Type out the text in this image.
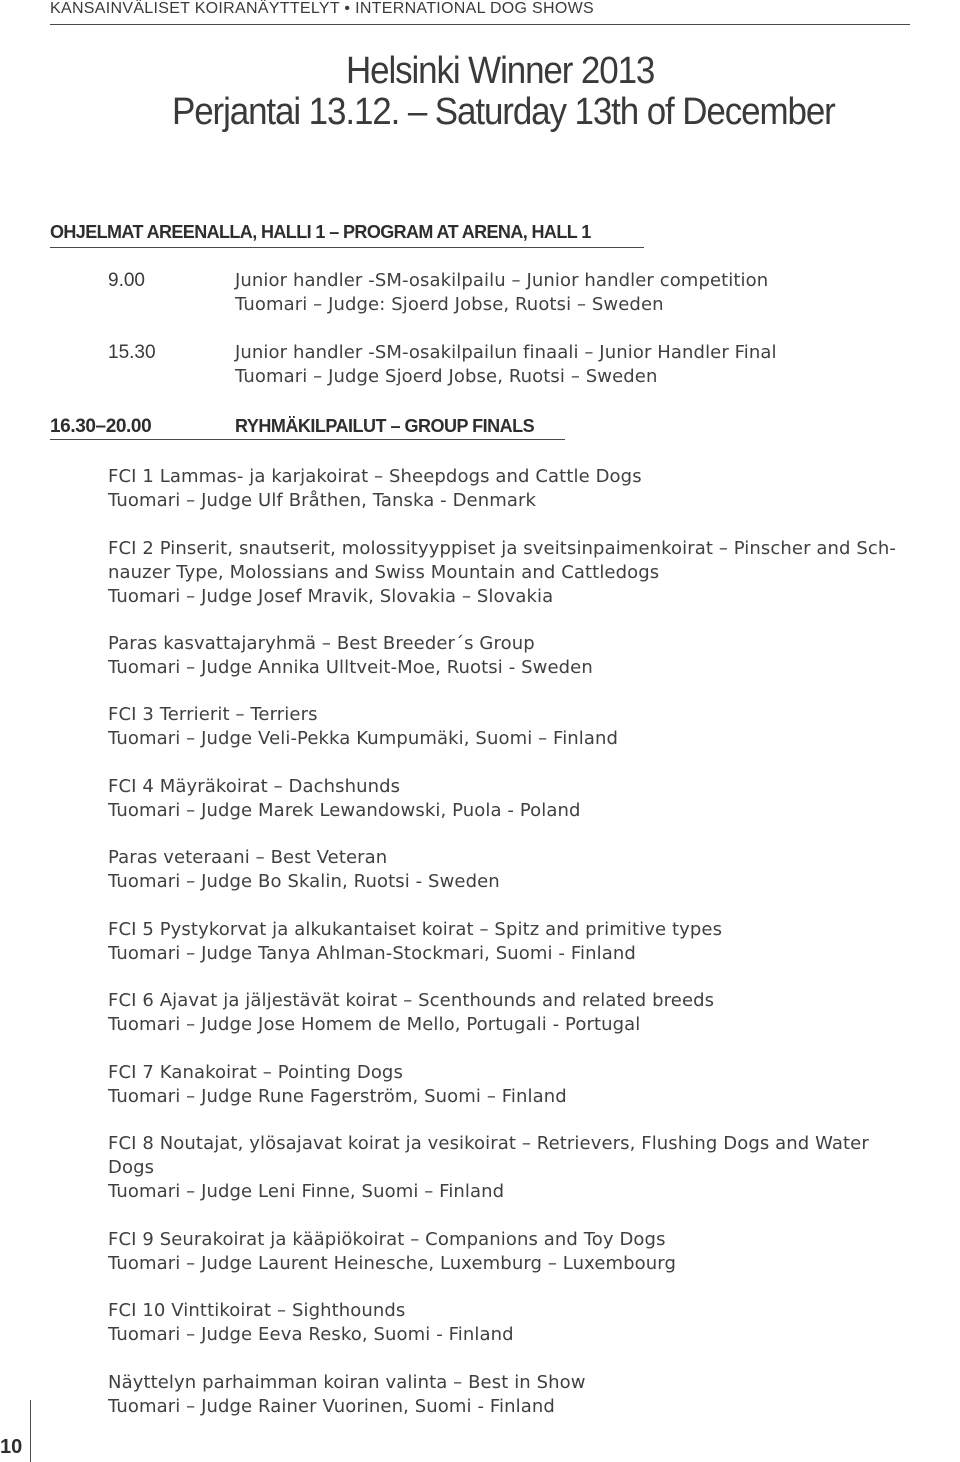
KANSAINVÄLISET KOIRANÄYTTELYT • INTERNATIONAL DOG SHOWS
Helsinki Winner 2013
Perjantai 13.12. – Saturday 13th of December
OHJELMAT AREENALLA, HALLI 1 – PROGRAM AT ARENA, HALL 1
9.00	Junior handler -SM-osakilpailu – Junior handler competition
Tuomari – Judge: Sjoerd Jobse, Ruotsi – Sweden
15.30	Junior handler -SM-osakilpailun finaali – Junior Handler Final
Tuomari – Judge Sjoerd Jobse, Ruotsi – Sweden
16.30–20.00	RYHMÄKILPAILUT – GROUP FINALS
FCI 1 Lammas- ja karjakoirat – Sheepdogs and Cattle Dogs
Tuomari – Judge Ulf Bråthen, Tanska - Denmark
FCI 2 Pinserit, snautserit, molossityyppiset ja sveitsinpaimenkoirat – Pinscher and Sch-
nauzer Type, Molossians and Swiss Mountain and Cattledogs
Tuomari – Judge Josef Mravik, Slovakia – Slovakia
Paras kasvattajaryhmä – Best Breeder´s Group
Tuomari – Judge Annika Ulltveit-Moe, Ruotsi - Sweden
FCI 3 Terrierit – Terriers
Tuomari – Judge Veli-Pekka Kumpumäki, Suomi – Finland
FCI 4 Mäyräkoirat – Dachshunds
Tuomari – Judge Marek Lewandowski, Puola - Poland
Paras veteraani – Best Veteran
Tuomari – Judge Bo Skalin, Ruotsi - Sweden
FCI 5 Pystykorvat ja alkukantaiset koirat – Spitz and primitive types
Tuomari – Judge Tanya Ahlman-Stockmari, Suomi - Finland
FCI 6 Ajavat ja jäljestävät koirat – Scenthounds and related breeds
Tuomari – Judge Jose Homem de Mello, Portugali - Portugal
FCI 7 Kanakoirat – Pointing Dogs
Tuomari – Judge Rune Fagerström, Suomi – Finland
FCI 8 Noutajat, ylösajavat koirat ja vesikoirat – Retrievers, Flushing Dogs and Water
Dogs
Tuomari – Judge Leni Finne, Suomi – Finland
FCI 9 Seurakoirat ja kääpiökoirat – Companions and Toy Dogs
Tuomari – Judge Laurent Heinesche, Luxemburg – Luxembourg
FCI 10 Vinttikoirat – Sighthounds
Tuomari – Judge Eeva Resko, Suomi - Finland
Näyttelyn parhaimman koiran valinta – Best in Show
Tuomari – Judge Rainer Vuorinen, Suomi - Finland
10
